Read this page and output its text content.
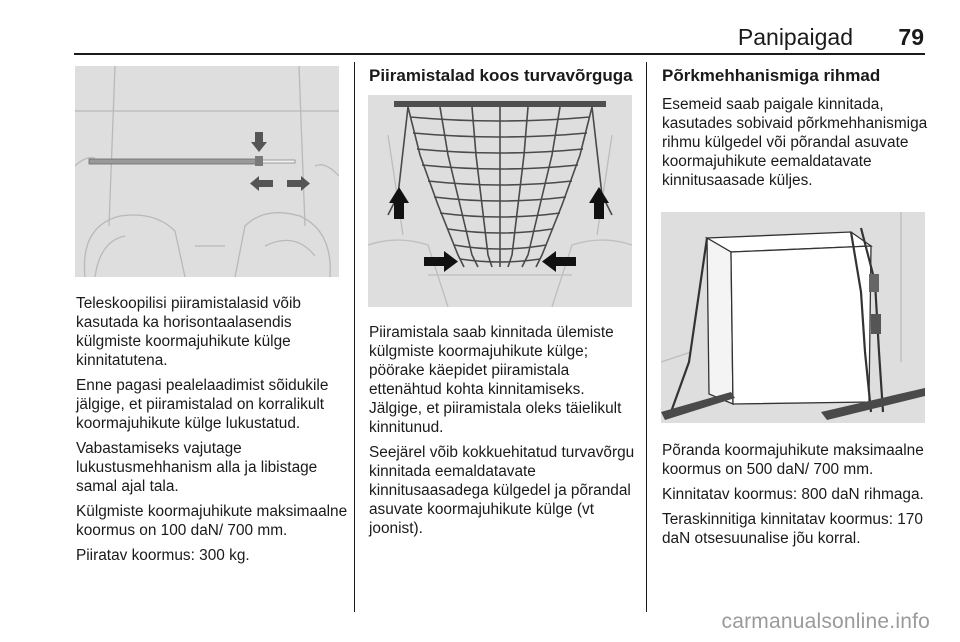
Panipaigad 79

Teleskoopilisi piiramistalasid võib kasutada ka horisontaalasendis külgmiste koormajuhikute külge kinnitatutena.

Enne pagasi pealelaadimist sõidukile jälgige, et piiramistalad on korralikult koormajuhikute külge lukustatud.

Vabastamiseks vajutage lukustusmehhanism alla ja libistage samal ajal tala.

Külgmiste koormajuhikute maksimaalne koormus on 100 daN/ 700 mm.

Piiratav koormus: 300 kg.

Piiramistalad koos turvavõrguga

Piiramistala saab kinnitada ülemiste külgmiste koormajuhikute külge; pöörake käepidet piiramistala ettenähtud kohta kinnitamiseks. Jälgige, et piiramistala oleks täielikult kinnitunud.

Seejärel võib kokkuehitatud turvavõrgu kinnitada eemaldatavate kinnitusaasadega külgedel ja põrandal asuvate koormajuhikute külge (vt joonist).

Põrkmehhanismiga rihmad

Esemeid saab paigale kinnitada, kasutades sobivaid põrkmehhanismiga rihmu külgedel või põrandal asuvate koormajuhikute eemaldatavate kinnitusaasade küljes.

Põranda koormajuhikute maksimaalne koormus on 500 daN/ 700 mm.

Kinnitatav koormus: 800 daN rihmaga.

Teraskinnitiga kinnitatav koormus: 170 daN otsesuunalise jõu korral.

carmanualsonline.info
